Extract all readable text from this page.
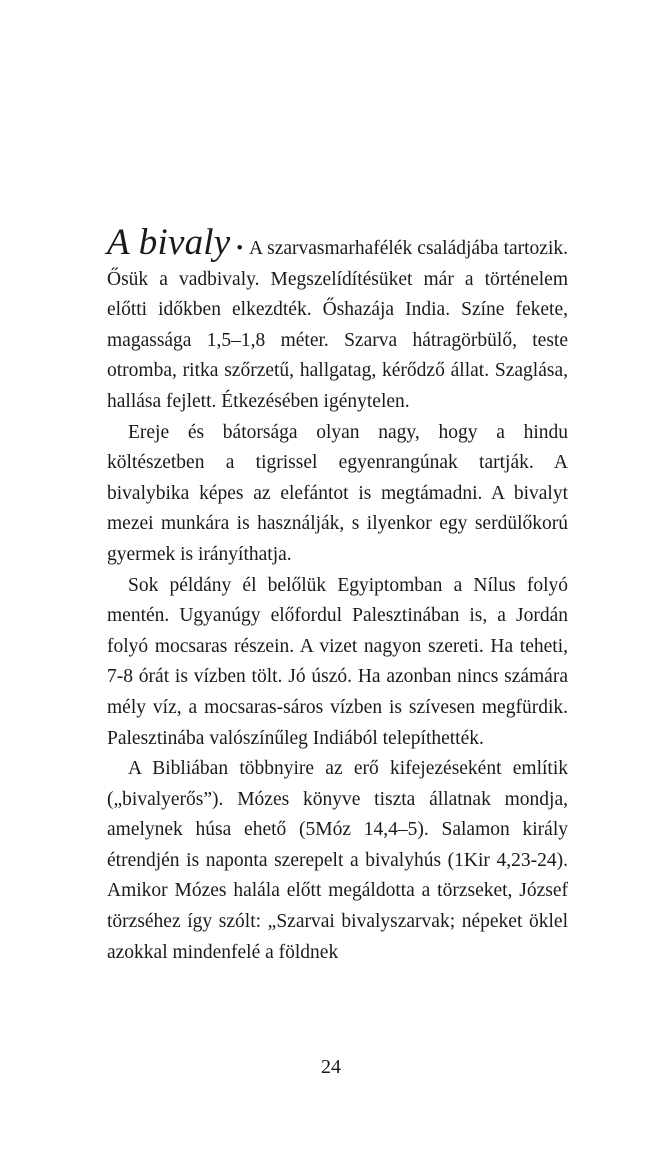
A bivaly • A szarvasmarhafélék családjába tartozik. Ősük a vadbivaly. Megszelídítésüket már a történelem előtti időkben elkezdték. Őshazája India. Színe fekete, magassága 1,5–1,8 méter. Szarva hátragörbülő, teste otromba, ritka szőrzetű, hallgatag, kérődző állat. Szaglása, hallása fejlett. Étkezésében igénytelen.

Ereje és bátorsága olyan nagy, hogy a hindu költészetben a tigrissel egyenrangúnak tartják. A bivalybika képes az elefántot is megtámadni. A bivalyt mezei munkára is használják, s ilyenkor egy serdülőkorú gyermek is irányíthatja.

Sok példány él belőlük Egyiptomban a Nílus folyó mentén. Ugyanúgy előfordul Palesztinában is, a Jordán folyó mocsaras részein. A vizet nagyon szereti. Ha teheti, 7-8 órát is vízben tölt. Jó úszó. Ha azonban nincs számára mély víz, a mocsaras-sáros vízben is szívesen megfürdik. Palesztinába valószínűleg Indiából telepíthették.

A Bibliában többnyire az erő kifejezéseként említik („bivalyerős”). Mózes könyve tiszta állatnak mondja, amelynek húsa ehető (5Móz 14,4–5). Salamon király étrendjén is naponta szerepelt a bivalyhús (1Kir 4,23-24). Amikor Mózes halála előtt megáldotta a törzseket, József törzséhez így szólt: „Szarvai bivalyszarvak; népeket öklel azokkal mindenfelé a földnek

24
